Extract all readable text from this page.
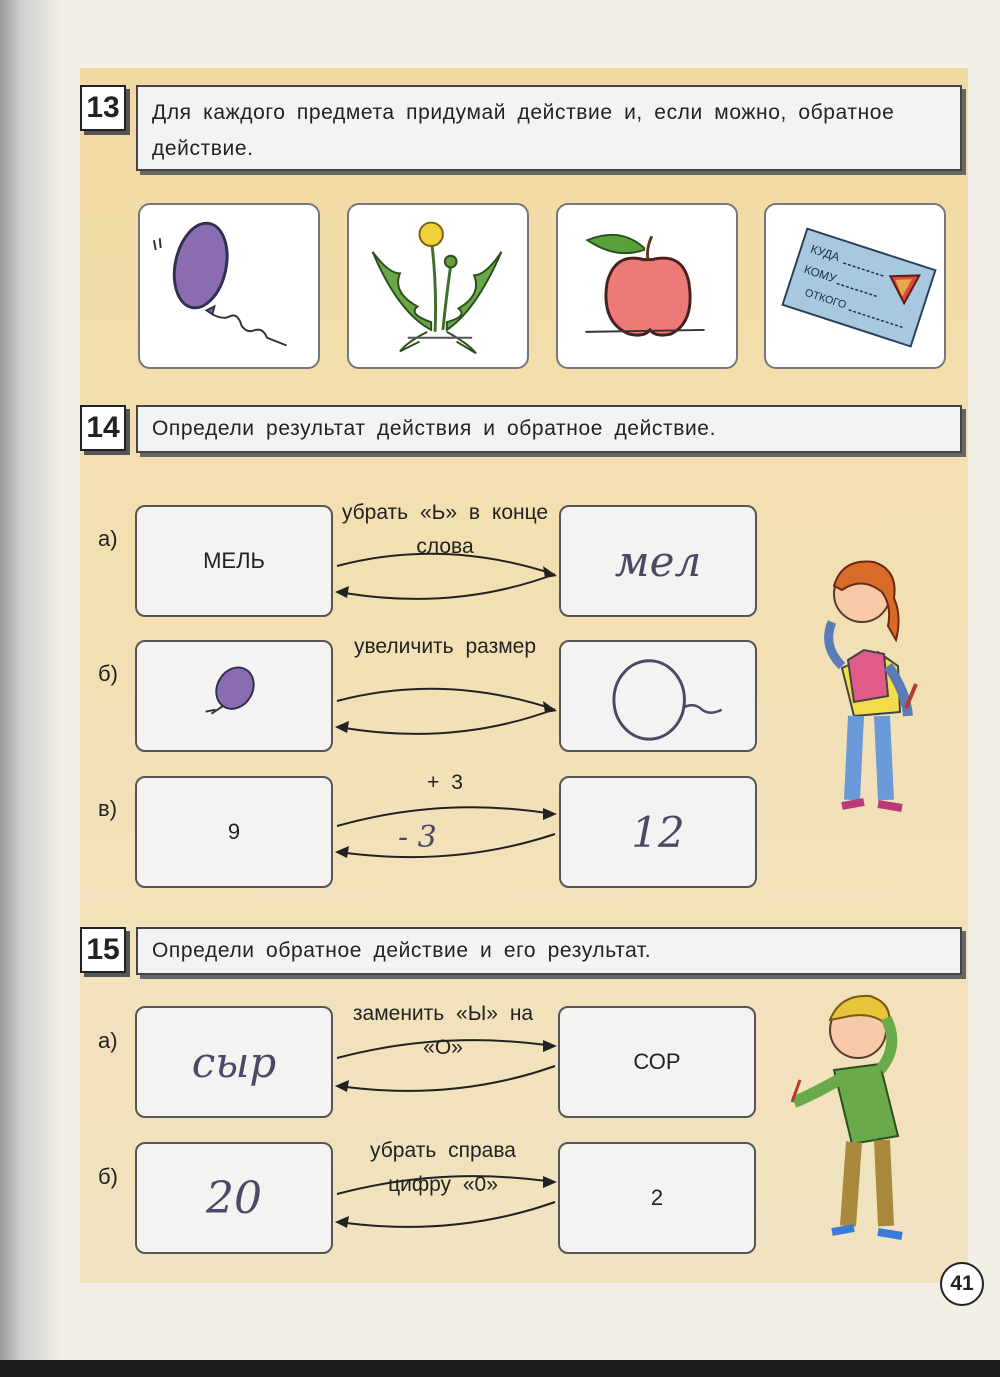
13	Для каждого предмета придумай действие и, если можно, обратное действие.
КУДА
КОМУ
ОТКОГО
14	Определи результат действия и обратное действие.
а)
МЕЛЬ
убрать «Ь» в конце слова	мел
б)
увеличить размер
в)
9
+ 3
- 3	12
15	Определи обратное действие и его результат.
а) сыр
заменить «Ы» на «О»
СОР
б) 20
убрать справа цифру «0»
2
41
